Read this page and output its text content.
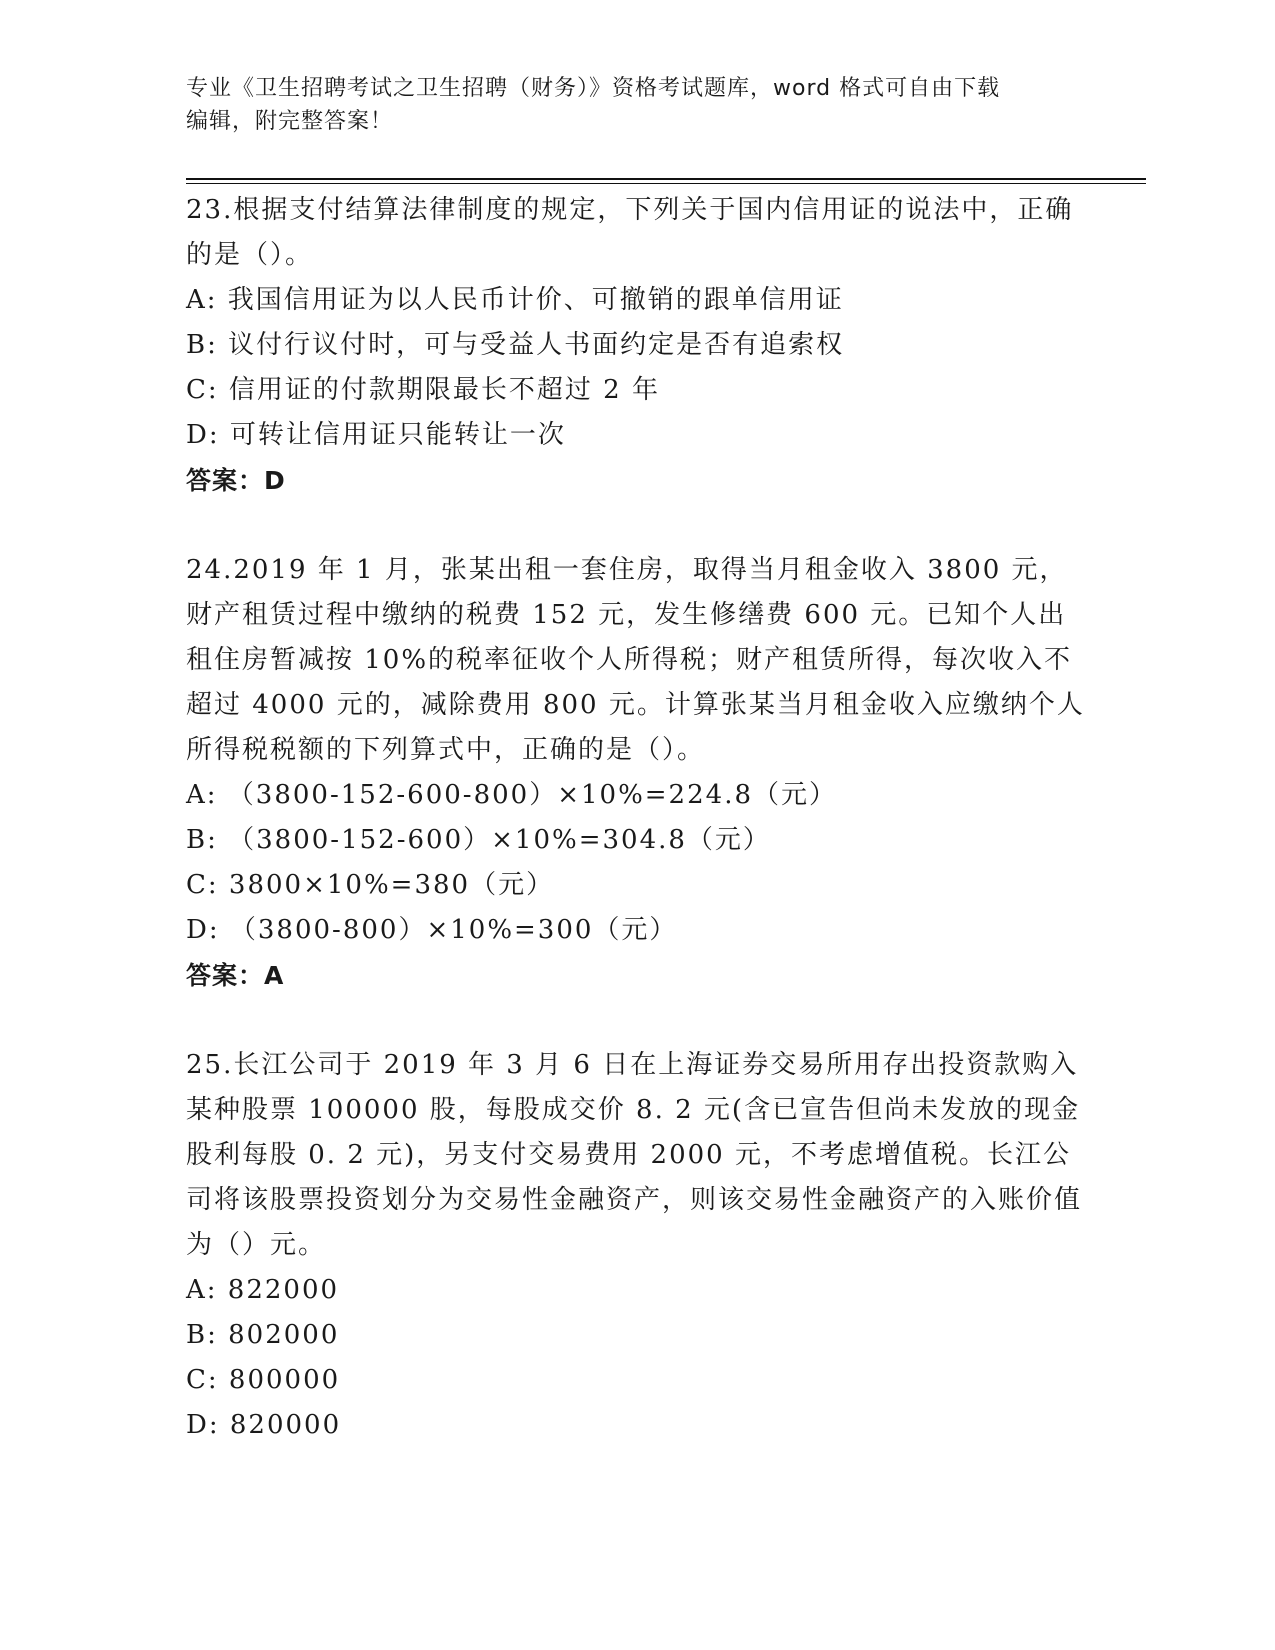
专业《卫生招聘考试之卫生招聘（财务）》资格考试题库，word 格式可自由下载
编辑，附完整答案！

23.根据支付结算法律制度的规定，下列关于国内信用证的说法中，正确的是（）。

A: 我国信用证为以人民币计价、可撤销的跟单信用证

B: 议付行议付时，可与受益人书面约定是否有追索权

C: 信用证的付款期限最长不超过 2 年

D: 可转让信用证只能转让一次

答案：D

24.2019 年 1 月，张某出租一套住房，取得当月租金收入 3800 元，财产租赁过程中缴纳的税费 152 元，发生修缮费 600 元。已知个人出租住房暂减按 10%的税率征收个人所得税；财产租赁所得，每次收入不超过 4000 元的，减除费用 800 元。计算张某当月租金收入应缴纳个人所得税税额的下列算式中，正确的是（）。

A: （3800-152-600-800）×10%=224.8（元）

B: （3800-152-600）×10%=304.8（元）

C: 3800×10%=380（元）

D: （3800-800）×10%=300（元）

答案：A

25.长江公司于 2019 年 3 月 6 日在上海证券交易所用存出投资款购入某种股票 100000 股，每股成交价 8. 2 元(含已宣告但尚未发放的现金股利每股 0. 2 元)，另支付交易费用 2000 元，不考虑增值税。长江公司将该股票投资划分为交易性金融资产，则该交易性金融资产的入账价值为（）元。

A: 822000

B: 802000

C: 800000

D: 820000
